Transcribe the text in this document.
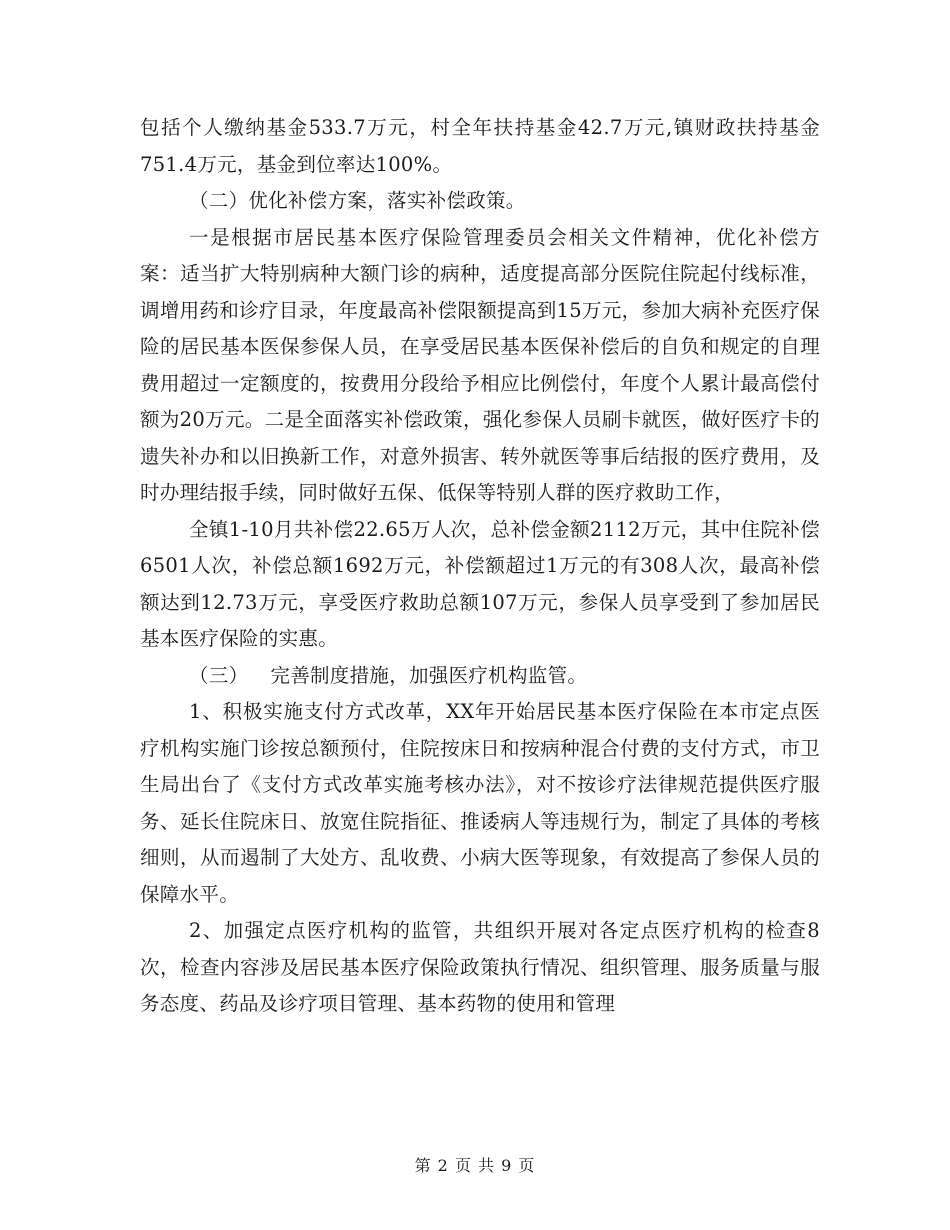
包括个人缴纳基金533.7万元，村全年扶持基金42.7万元,镇财政扶持基金751.4万元，基金到位率达100%。

（二）优化补偿方案，落实补偿政策。

一是根据市居民基本医疗保险管理委员会相关文件精神，优化补偿方案：适当扩大特别病种大额门诊的病种，适度提高部分医院住院起付线标准，调增用药和诊疗目录，年度最高补偿限额提高到15万元，参加大病补充医疗保险的居民基本医保参保人员，在享受居民基本医保补偿后的自负和规定的自理费用超过一定额度的，按费用分段给予相应比例偿付，年度个人累计最高偿付额为20万元。二是全面落实补偿政策，强化参保人员刷卡就医，做好医疗卡的遗失补办和以旧换新工作，对意外损害、转外就医等事后结报的医疗费用，及时办理结报手续，同时做好五保、低保等特别人群的医疗救助工作，

全镇1-10月共补偿22.65万人次，总补偿金额2112万元，其中住院补偿6501人次，补偿总额1692万元，补偿额超过1万元的有308人次，最高补偿额达到12.73万元，享受医疗救助总额107万元，参保人员享受到了参加居民基本医疗保险的实惠。

（三） 完善制度措施，加强医疗机构监管。

1、积极实施支付方式改革，XX年开始居民基本医疗保险在本市定点医疗机构实施门诊按总额预付，住院按床日和按病种混合付费的支付方式，市卫生局出台了《支付方式改革实施考核办法》，对不按诊疗法律规范提供医疗服务、延长住院床日、放宽住院指征、推诿病人等违规行为，制定了具体的考核细则，从而遏制了大处方、乱收费、小病大医等现象，有效提高了参保人员的保障水平。

2、加强定点医疗机构的监管，共组织开展对各定点医疗机构的检查8次，检查内容涉及居民基本医疗保险政策执行情况、组织管理、服务质量与服务态度、药品及诊疗项目管理、基本药物的使用和管理

第 2 页 共 9 页
